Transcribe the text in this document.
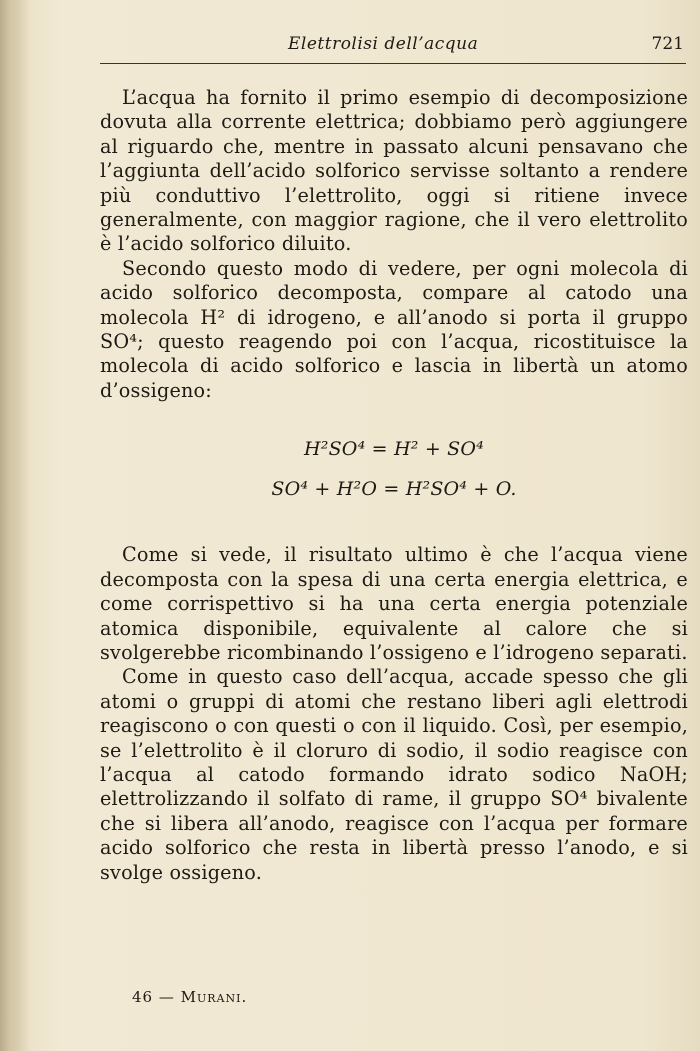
Elettrolisi dell’acqua	721

L’acqua ha fornito il primo esempio di decomposizione dovuta alla corrente elettrica; dobbiamo però aggiungere al riguardo che, mentre in passato alcuni pensavano che l’aggiunta dell’acido solforico servisse soltanto a rendere più conduttivo l’elettrolito, oggi si ritiene invece generalmente, con maggior ragione, che il vero elettrolito è l’acido solforico diluito.

Secondo questo modo di vedere, per ogni molecola di acido solforico decomposta, compare al catodo una molecola H² di idrogeno, e all’anodo si porta il gruppo SO⁴; questo reagendo poi con l’acqua, ricostituisce la molecola di acido solforico e lascia in libertà un atomo d’ossigeno:

H²SO⁴ = H² + SO⁴
SO⁴ + H²O = H²SO⁴ + O.

Come si vede, il risultato ultimo è che l’acqua viene decomposta con la spesa di una certa energia elettrica, e come corrispettivo si ha una certa energia potenziale atomica disponibile, equivalente al calore che si svolgerebbe ricombinando l’ossigeno e l’idrogeno separati.

Come in questo caso dell’acqua, accade spesso che gli atomi o gruppi di atomi che restano liberi agli elettrodi reagiscono o con questi o con il liquido. Così, per esempio, se l’elettrolito è il cloruro di sodio, il sodio reagisce con l’acqua al catodo formando idrato sodico NaOH; elettrolizzando il solfato di rame, il gruppo SO⁴ bivalente che si libera all’anodo, reagisce con l’acqua per formare acido solforico che resta in libertà presso l’anodo, e si svolge ossigeno.

46 — Murani.
